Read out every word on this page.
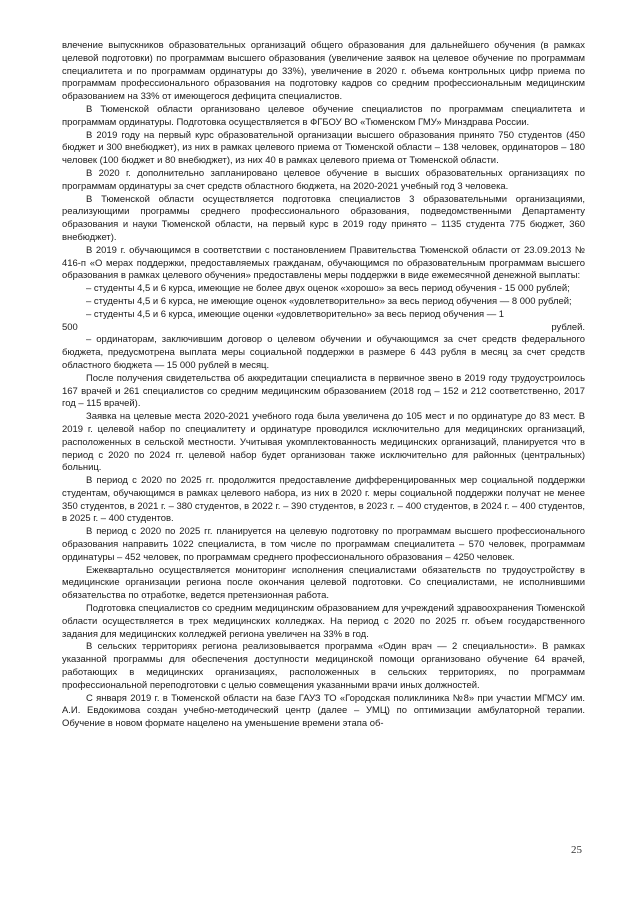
влечение выпускников образовательных организаций общего образования для дальнейшего обучения (в рамках целевой подготовки) по программам высшего образования (увеличение заявок на целевое обучение по программам специалитета и по программам ординатуры до 33%), увеличение в 2020 г. объема контрольных цифр приема по программам профессионального образования на подготовку кадров со средним профессиональным медицинским образованием на 33% от имеющегося дефицита специалистов.

В Тюменской области организовано целевое обучение специалистов по программам специалитета и программам ординатуры. Подготовка осуществляется в ФГБОУ ВО «Тюменском ГМУ» Минздрава России.

В 2019 году на первый курс образовательной организации высшего образования принято 750 студентов (450 бюджет и 300 внебюджет), из них в рамках целевого приема от Тюменской области – 138 человек, ординаторов – 180 человек (100 бюджет и 80 внебюджет), из них 40 в рамках целевого приема от Тюменской области.

В 2020 г. дополнительно запланировано целевое обучение в высших образовательных организациях по программам ординатуры за счет средств областного бюджета, на 2020-2021 учебный год 3 человека.

В Тюменской области осуществляется подготовка специалистов 3 образовательными организациями, реализующими программы среднего профессионального образования, подведомственными Департаменту образования и науки Тюменской области, на первый курс в 2019 году принято – 1135 студента 775 бюджет, 360 внебюджет).

В 2019 г. обучающимся в соответствии с постановлением Правительства Тюменской области от 23.09.2013 № 416-п «О мерах поддержки, предоставляемых гражданам, обучающимся по образовательным программам высшего образования в рамках целевого обучения» предоставлены меры поддержки в виде ежемесячной денежной выплаты:

– студенты 4,5 и 6 курса, имеющие не более двух оценок «хорошо» за весь период обучения - 15 000 рублей;

– студенты 4,5 и 6 курса, не имеющие оценок «удовлетворительно» за весь период обучения — 8 000 рублей;

– студенты 4,5 и 6 курса, имеющие оценки «удовлетворительно» за весь период обучения — 1

500	рублей.

– ординаторам, заключившим договор о целевом обучении и обучающимся за счет средств федерального бюджета, предусмотрена выплата меры социальной поддержки в размере 6 443 рубля в месяц за счет средств областного бюджета — 15 000 рублей в месяц.

После получения свидетельства об аккредитации специалиста в первичное звено в 2019 году трудоустроилось 167 врачей и 261 специалистов со средним медицинским образованием (2018 год – 152 и 212 соответственно, 2017 год – 115 врачей).

Заявка на целевые места 2020-2021 учебного года была увеличена до 105 мест и по ординатуре до 83 мест. В 2019 г. целевой набор по специалитету и ординатуре проводился исключительно для медицинских организаций, расположенных в сельской местности. Учитывая укомплектованность медицинских организаций, планируется что в период с 2020 по 2024 гг. целевой набор будет организован также исключительно для районных (центральных) больниц.

В период с 2020 по 2025 гг. продолжится предоставление дифференцированных мер социальной поддержки студентам, обучающимся в рамках целевого набора, из них в 2020 г. меры социальной поддержки получат не менее 350 студентов, в 2021 г. – 380 студентов, в 2022 г. – 390 студентов, в 2023 г. – 400 студентов, в 2024 г. – 400 студентов, в 2025 г. – 400 студентов.

В период с 2020 по 2025 гг. планируется на целевую подготовку по программам высшего профессионального образования направить 1022 специалиста, в том числе по программам специалитета – 570 человек, программам ординатуры – 452 человек, по программам среднего профессионального образования – 4250 человек.

Ежеквартально осуществляется мониторинг исполнения специалистами обязательств по трудоустройству в медицинские организации региона после окончания целевой подготовки. Со специалистами, не исполнившими обязательства по отработке, ведется претензионная работа.

Подготовка специалистов со средним медицинским образованием для учреждений здравоохранения Тюменской области осуществляется в трех медицинских колледжах. На период с 2020 по 2025 гг. объем государственного задания для медицинских колледжей региона увеличен на 33% в год.

В сельских территориях региона реализовывается программа «Один врач — 2 специальности». В рамках указанной программы для обеспечения доступности медицинской помощи организовано обучение 64 врачей, работающих в медицинских организациях, расположенных в сельских территориях, по программам профессиональной переподготовки с целью совмещения указанными врачи иных должностей.

С января 2019 г. в Тюменской области на базе ГАУЗ ТО «Городская поликлиника №8» при участии МГМСУ им. А.И. Евдокимова создан учебно-методический центр (далее – УМЦ) по оптимизации амбулаторной терапии. Обучение в новом формате нацелено на уменьшение времени этапа об-

25
